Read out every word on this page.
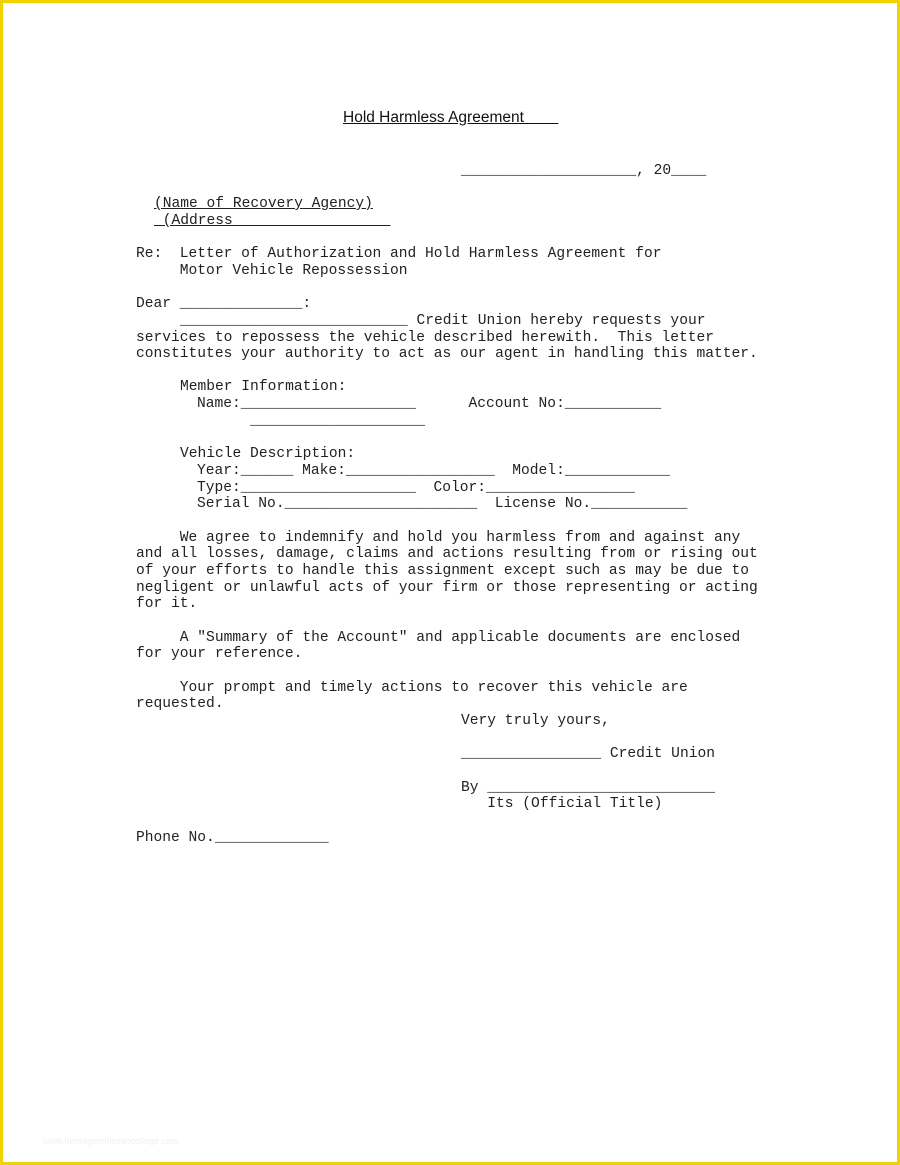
Hold Harmless Agreement
____________________, 20____
(Name of Recovery Agency)
(Address
Re:  Letter of Authorization and Hold Harmless Agreement for
Motor Vehicle Repossession
Dear ______________:
__________________________ Credit Union hereby requests your
services to repossess the vehicle described herewith.  This letter
constitutes your authority to act as our agent in handling this matter.
Member Information:
Name:____________________      Account No:___________
____________________
Vehicle Description:
Year:______ Make:_________________  Model:____________
Type:____________________  Color:_________________
Serial No.______________________  License No.___________
We agree to indemnify and hold you harmless from and against any
and all losses, damage, claims and actions resulting from or rising out
of your efforts to handle this assignment except such as may be due to
negligent or unlawful acts of your firm or those representing or acting
for it.
A "Summary of the Account" and applicable documents are enclosed
for your reference.
Your prompt and timely actions to recover this vehicle are
requested.
Very truly yours,
________________ Credit Union
By __________________________
Its (Official Title)
Phone No._____________
www.heritagechristiancollege.com
